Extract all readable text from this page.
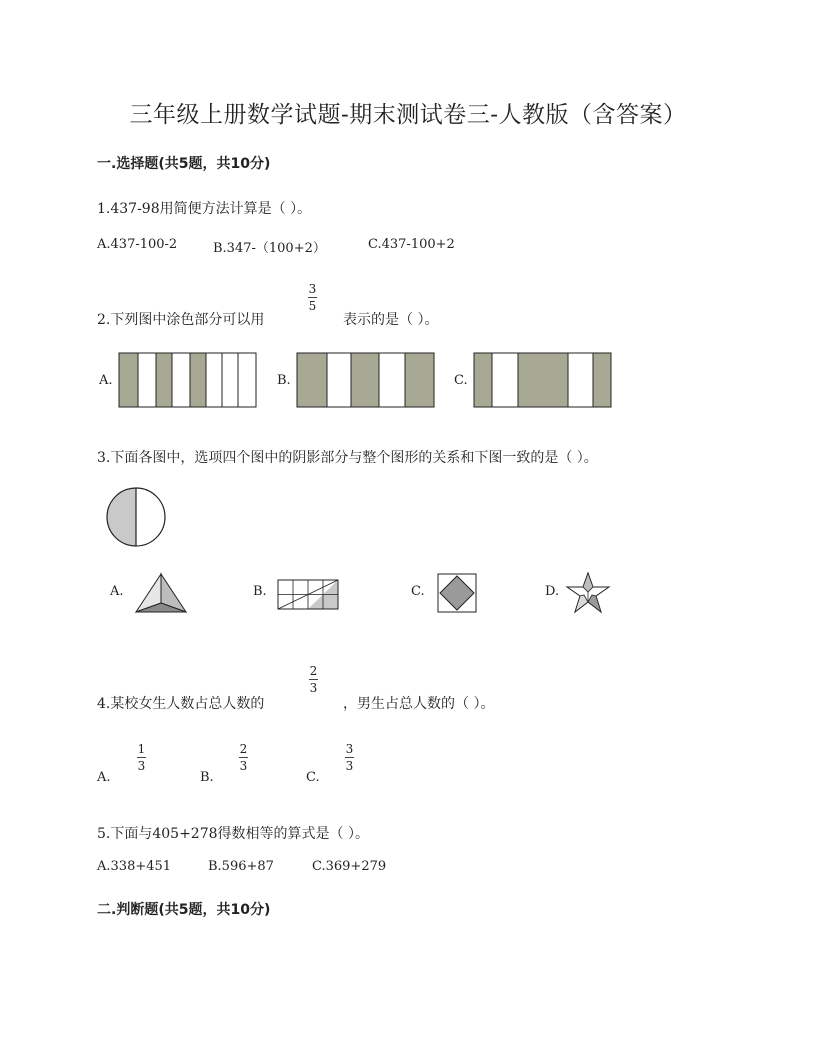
三年级上册数学试题-期末测试卷三-人教版（含答案）
一.选择题(共5题，共10分)
1.437-98用简便方法计算是（ ）。
A.437-100-2	B.347-（100+2）	C.437-100+2
2.下列图中涂色部分可以用
3
5
表示的是（ ）。
A.	B.	C.
3.下面各图中，选项四个图中的阴影部分与整个图形的关系和下图一致的是（ ）。
A.	B.	C.	D.
4.某校女生人数占总人数的
2
3
，男生占总人数的（ ）。
A.
1
3
B.
2
3
C.
3
3
5.下面与405+278得数相等的算式是（ ）。
A.338+451	B.596+87	C.369+279
二.判断题(共5题，共10分)
